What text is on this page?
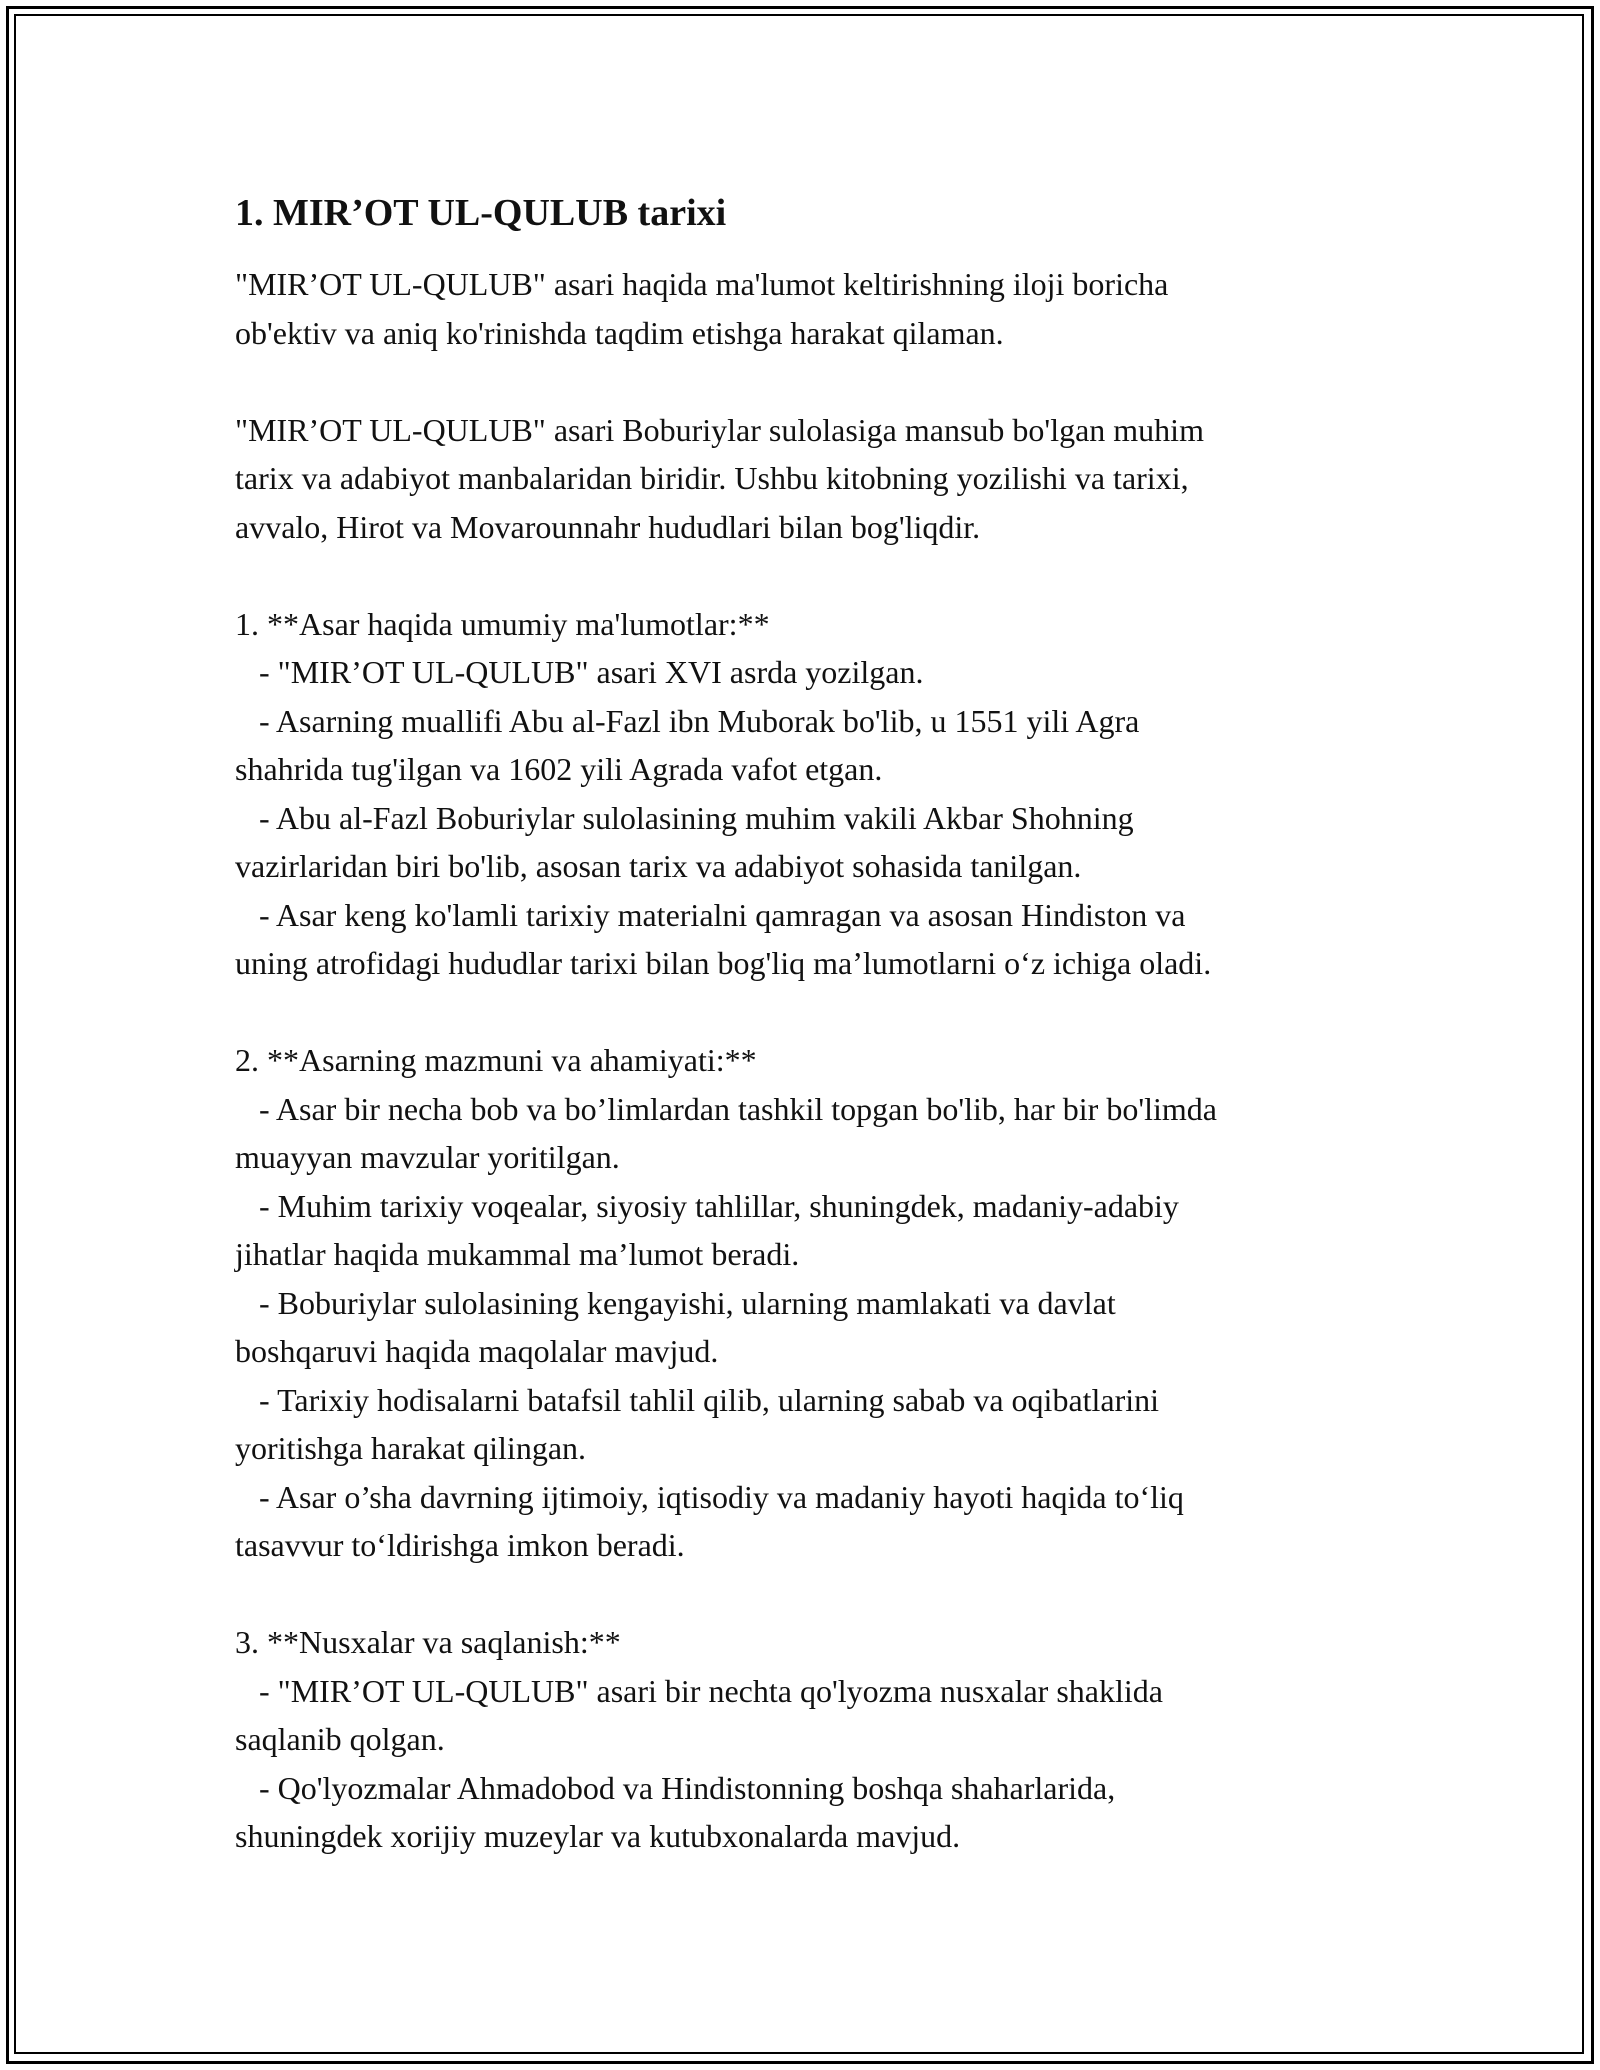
1. MIR’OT UL-QULUB tarixi

"MIR’OT UL-QULUB" asari haqida ma'lumot keltirishning iloji boricha
ob'ektiv va aniq ko'rinishda taqdim etishga harakat qilaman.

"MIR’OT UL-QULUB" asari Boburiylar sulolasiga mansub bo'lgan muhim
tarix va adabiyot manbalaridan biridir. Ushbu kitobning yozilishi va tarixi,
avvalo, Hirot va Movarounnahr hududlari bilan bog'liqdir.

1. **Asar haqida umumiy ma'lumotlar:**
- "MIR’OT UL-QULUB" asari XVI asrda yozilgan.
- Asarning muallifi Abu al-Fazl ibn Muborak bo'lib, u 1551 yili Agra
shahrida tug'ilgan va 1602 yili Agrada vafot etgan.
- Abu al-Fazl Boburiylar sulolasining muhim vakili Akbar Shohning
vazirlaridan biri bo'lib, asosan tarix va adabiyot sohasida tanilgan.
- Asar keng ko'lamli tarixiy materialni qamragan va asosan Hindiston va
uning atrofidagi hududlar tarixi bilan bog'liq ma’lumotlarni o‘z ichiga oladi.

2. **Asarning mazmuni va ahamiyati:**
- Asar bir necha bob va bo’limlardan tashkil topgan bo'lib, har bir bo'limda
muayyan mavzular yoritilgan.
- Muhim tarixiy voqealar, siyosiy tahlillar, shuningdek, madaniy-adabiy
jihatlar haqida mukammal ma’lumot beradi.
- Boburiylar sulolasining kengayishi, ularning mamlakati va davlat
boshqaruvi haqida maqolalar mavjud.
- Tarixiy hodisalarni batafsil tahlil qilib, ularning sabab va oqibatlarini
yoritishga harakat qilingan.
- Asar o’sha davrning ijtimoiy, iqtisodiy va madaniy hayoti haqida to‘liq
tasavvur to‘ldirishga imkon beradi.

3. **Nusxalar va saqlanish:**
- "MIR’OT UL-QULUB" asari bir nechta qo'lyozma nusxalar shaklida
saqlanib qolgan.
- Qo'lyozmalar Ahmadobod va Hindistonning boshqa shaharlarida,
shuningdek xorijiy muzeylar va kutubxonalarda mavjud.
